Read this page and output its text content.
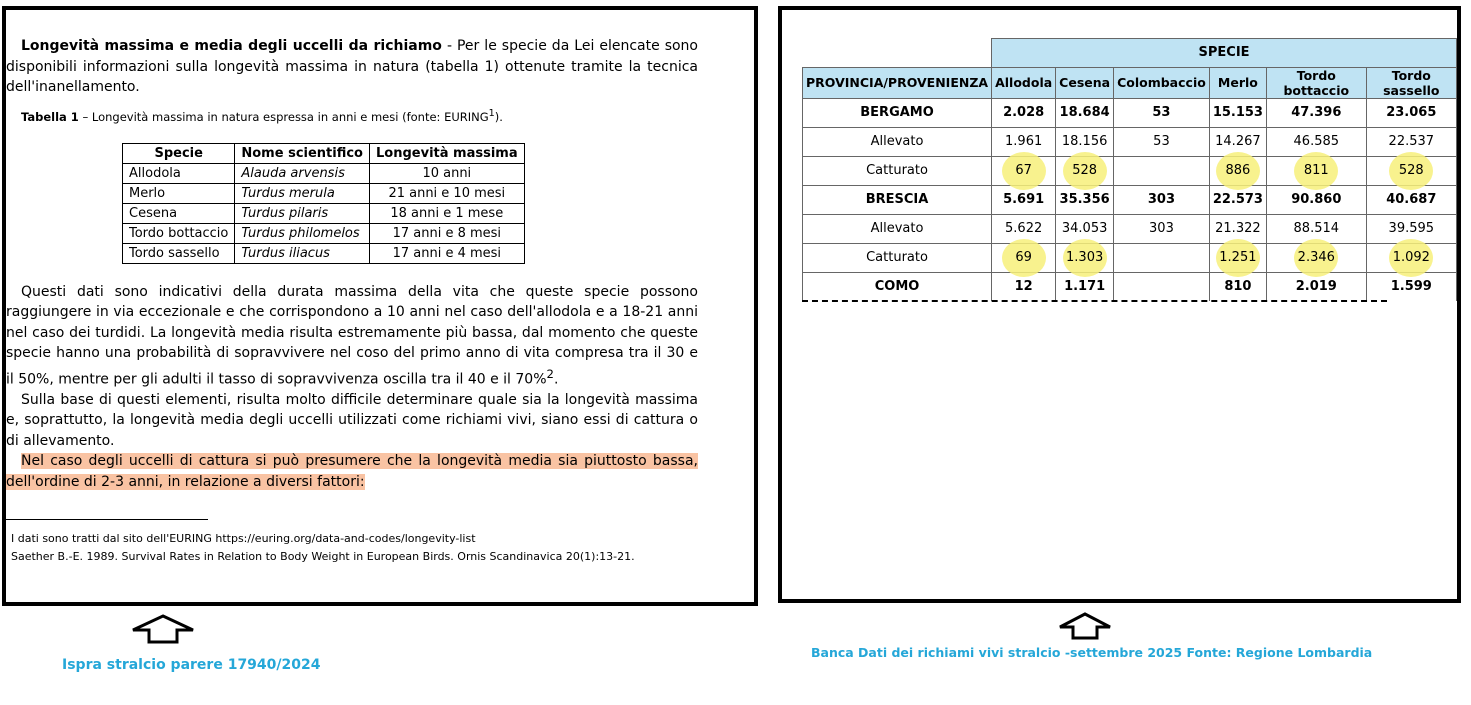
Longevità massima e media degli uccelli da richiamo - Per le specie da Lei elencate sono disponibili informazioni sulla longevità massima in natura (tabella 1) ottenute tramite la tecnica dell'inanellamento.

Tabella 1 – Longevità massima in natura espressa in anni e mesi (fonte: EURING$^1$).

Specie	Nome scientifico	Longevità massima
Allodola	Alauda arvensis	10 anni
Merlo	Turdus merula	21 anni e 10 mesi
Cesena	Turdus pilaris	18 anni e 1 mese
Tordo bottaccio	Turdus philomelos	17 anni e 8 mesi
Tordo sassello	Turdus iliacus	17 anni e 4 mesi

Questi dati sono indicativi della durata massima della vita che queste specie possono raggiungere in via eccezionale e che corrispondono a 10 anni nel caso dell'allodola e a 18-21 anni nel caso dei turdidi. La longevità media risulta estremamente più bassa, dal momento che queste specie hanno una probabilità di sopravvivere nel coso del primo anno di vita compresa tra il 30 e il 50%, mentre per gli adulti il tasso di sopravvivenza oscilla tra il 40 e il 70%$^2$.

Sulla base di questi elementi, risulta molto difficile determinare quale sia la longevità massima e, soprattutto, la longevità media degli uccelli utilizzati come richiami vivi, siano essi di cattura o di allevamento.

Nel caso degli uccelli di cattura si può presumere che la longevità media sia piuttosto bassa, dell'ordine di 2-3 anni, in relazione a diversi fattori:

I dati sono tratti dal sito dell'EURING https://euring.org/data-and-codes/longevity-list
Saether B.-E. 1989. Survival Rates in Relation to Body Weight in European Birds. Ornis Scandinavica 20(1):13-21.
	SPECIE					
PROVINCIA/PROVENIENZA	Allodola	Cesena	Colombaccio	Merlo	Tordo bottaccio	Tordo sassello
BERGAMO	2.028	18.684	53	15.153	47.396	23.065
Allevato	1.961	18.156	53	14.267	46.585	22.537
Catturato	67	528		886	811	528
BRESCIA	5.691	35.356	303	22.573	90.860	40.687
Allevato	5.622	34.053	303	21.322	88.514	39.595
Catturato	69	1.303		1.251	2.346	1.092
COMO	12	1.171		810	2.019	1.599
Ispra stralcio parere 17940/2024
Banca Dati dei richiami vivi stralcio -settembre 2025 Fonte: Regione Lombardia
